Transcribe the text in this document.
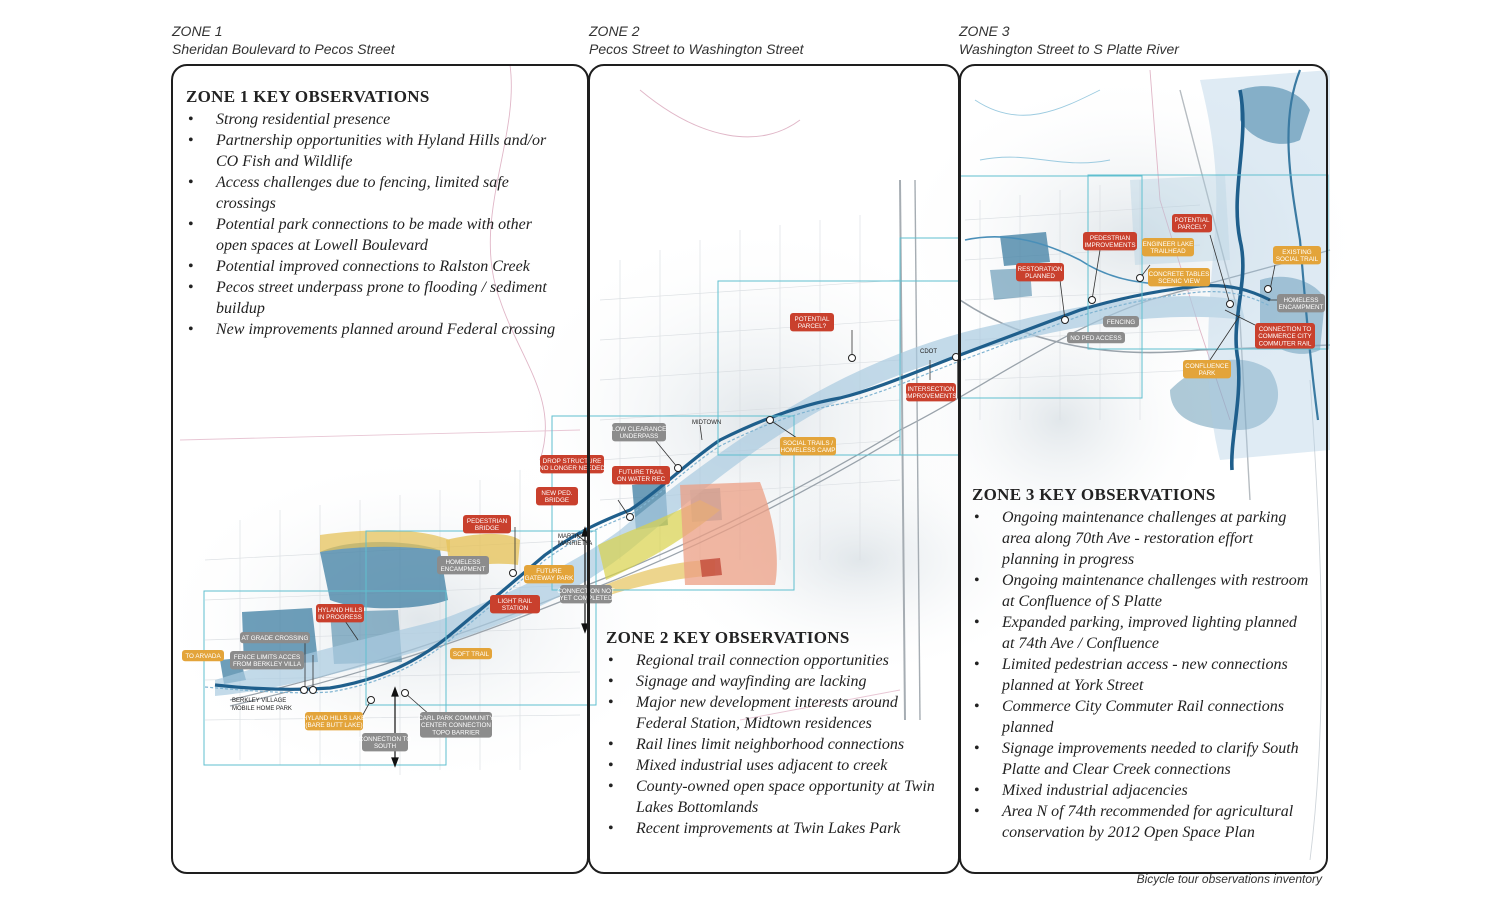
BERKLEY VILLAGE
MOBILE HOME PARK
MIDTOWN
MARTIN
MARRIETTA
CDOT
TO ARVADA
AT GRADE CROSSING
FENCE LIMITS ACCES
FROM BERKLEY VILLA
HYLAND HILLS
IN PROGRESS
HOMELESS
ENCAMPMENT
PEDESTRIAN
BRIDGE
FUTURE
GATEWAY PARK
LIGHT RAIL
STATION
SOFT TRAIL
HYLAND HILLS LAKE
(BARE BUTT LAKE)
CONNECTION TO
SOUTH
CARL PARK COMMUNITY
CENTER CONNECTION
TOPO BARRIER
DROP STRUCTURE
NO LONGER NEEDED
NEW PED.
BRIDGE
CONNECTION NOT
YET COMPLETED
LOW CLEARANCE
UNDERPASS
FUTURE TRAIL
ON WATER REC
SOCIAL TRAILS /
HOMELESS CAMP
POTENTIAL
PARCEL?
INTERSECTION
IMPROVEMENTS
RESTORATION
PLANNED
PEDESTRIAN
IMPROVEMENTS ENGINEER LAKE
TRAILHEAD
CONCRETE TABLES
SCENIC VIEW
POTENTIAL
PARCEL?
FENCING
NO PED ACCESS
EXISTING
SOCIAL TRAIL
HOMELESS
ENCAMPMENT
CONNECTION TO
COMMERCE CITY
COMMUTER RAIL
CONFLUENCE
PARK
ZONE 1
Sheridan Boulevard to Pecos Street
ZONE 2
Pecos Street to Washington Street
ZONE 3
Washington Street to S Platte River
ZONE 1 KEY OBSERVATIONS
• Strong residential presence
• Partnership opportunities with Hyland Hills and/or CO Fish and Wildlife
• Access challenges due to fencing, limited safe crossings
• Potential park connections to be made with other open spaces at Lowell Boulevard
• Potential improved connections to Ralston Creek
• Pecos street underpass prone to flooding / sediment buildup
• New improvements planned around Federal crossing
ZONE 2 KEY OBSERVATIONS
• Regional trail connection opportunities
• Signage and wayfinding are lacking
• Major new development interests around Federal Station, Midtown residences
• Rail lines limit neighborhood connections
• Mixed industrial uses adjacent to creek
• County-owned open space opportunity at Twin Lakes Bottomlands
• Recent improvements at Twin Lakes Park
ZONE 3 KEY OBSERVATIONS
• Ongoing maintenance challenges at parking area along 70th Ave - restoration effort planning in progress
• Ongoing maintenance challenges with restroom at Confluence of S Platte
• Expanded parking, improved lighting planned at 74th Ave / Confluence
• Limited pedestrian access - new connections planned at York Street
• Commerce City Commuter Rail connections planned
• Signage improvements needed to clarify South Platte and Clear Creek connections
• Mixed industrial adjacencies
• Area N of 74th recommended for agricultural conservation by 2012 Open Space Plan
Bicycle tour observations inventory
